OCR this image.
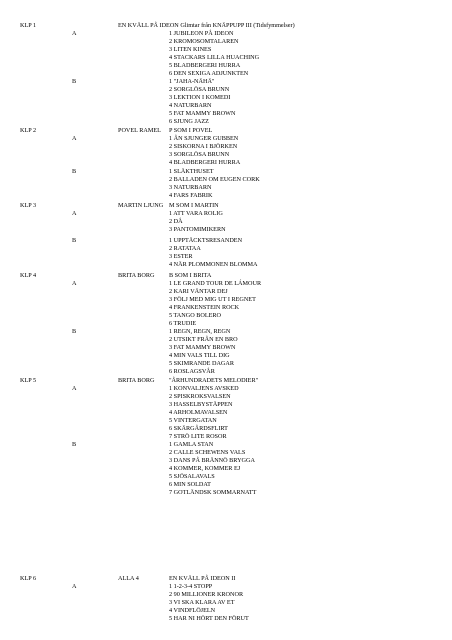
KLP 1	EN KVÄLL PÅ IDEON Glimtar från KNÄPPUPP III (Tidsfymmelser)
A	1 JUBILEON PÅ IDEON
2 KROMOSOMTALAREN
3 LITEN KINES
4 STACKARS LILLA HUACHING
5 BLADBERGERI HURRA
6 DEN SEXIGA ADJUNKTEN
B	1 "JAHA-NÄHÄ"
2 SORGLÖSA BRUNN
3 LEKTION I KOMEDI
4 NATURBARN
5 FAT MAMMY BROWN
6 SJUNG JAZZ
KLP 2	POVEL RAMEL P SOM I POVEL
A	1 ÅN SJUNGER GUBBEN
2 SISKORNA I BJÖRKEN
3 SORGLÖSA BRUNN
4 BLADBERGERI HURRA
B	1 SLÄKTHUSET
2 BALLADEN OM EUGEN CORK
3 NATURBARN
4 FARS FABRIK
KLP 3	MARTIN LJUNG M SOM I MARTIN
A	1 ATT VARA ROLIG
2 DÅ
3 PANTOMIMIKERN
B	1 UPPTÄCKTSRESANDEN
2 RATATAA
3 ESTER
4 NÄR PLOMMONEN BLOMMA
KLP 4	BRITA BORG B SOM I BRITA
A	1 LE GRAND TOUR DE LÁMOUR
2 KARI VÄNTAR DEJ
3 FÖLJ MED MIG UT I REGNET
4 FRANKENSTEIN ROCK
5 TANGO BOLERO
6 TRUDIE
B	1 REGN, REGN, REGN
2 UTSIKT FRÅN EN BRO
3 FAT MAMMY BROWN
4 MIN VALS TILL DIG
5 SKIMRANDE DAGAR
6 ROSLAGSVÅR
KLP 5	BRITA BORG "ÅRHUNDRADETS MELODIER"
A	1 KONVALJENS AVSKED
2 SPISKROKSVALSEN
3 HASSELBYSTÄPPEN
4 ARHOLMAVALSEN
5 VINTERGATAN
6 SKÄRGÅRDSFLIRT
7 STRÖ LITE ROSOR
B	1 GAMLA STAN
2 CALLE SCHEWENS VALS
3 DANS PÅ BRÄNNÖ BRYGGA
4 KOMMER, KOMMER EJ
5 SJÖSALAVALS
6 MIN SOLDAT
7 GOTLÄNDSK SOMMARNATT
KLP 6	ALLA 4	EN KVÄLL PÅ IDEON II
A	1 1-2-3-4 STOPP
2 90 MILLIONER KRONOR
3 VI SKA KLARA AV ET
4 VINDFLÖJELN
5 HAR NI HÖRT DEN FÖRUT
